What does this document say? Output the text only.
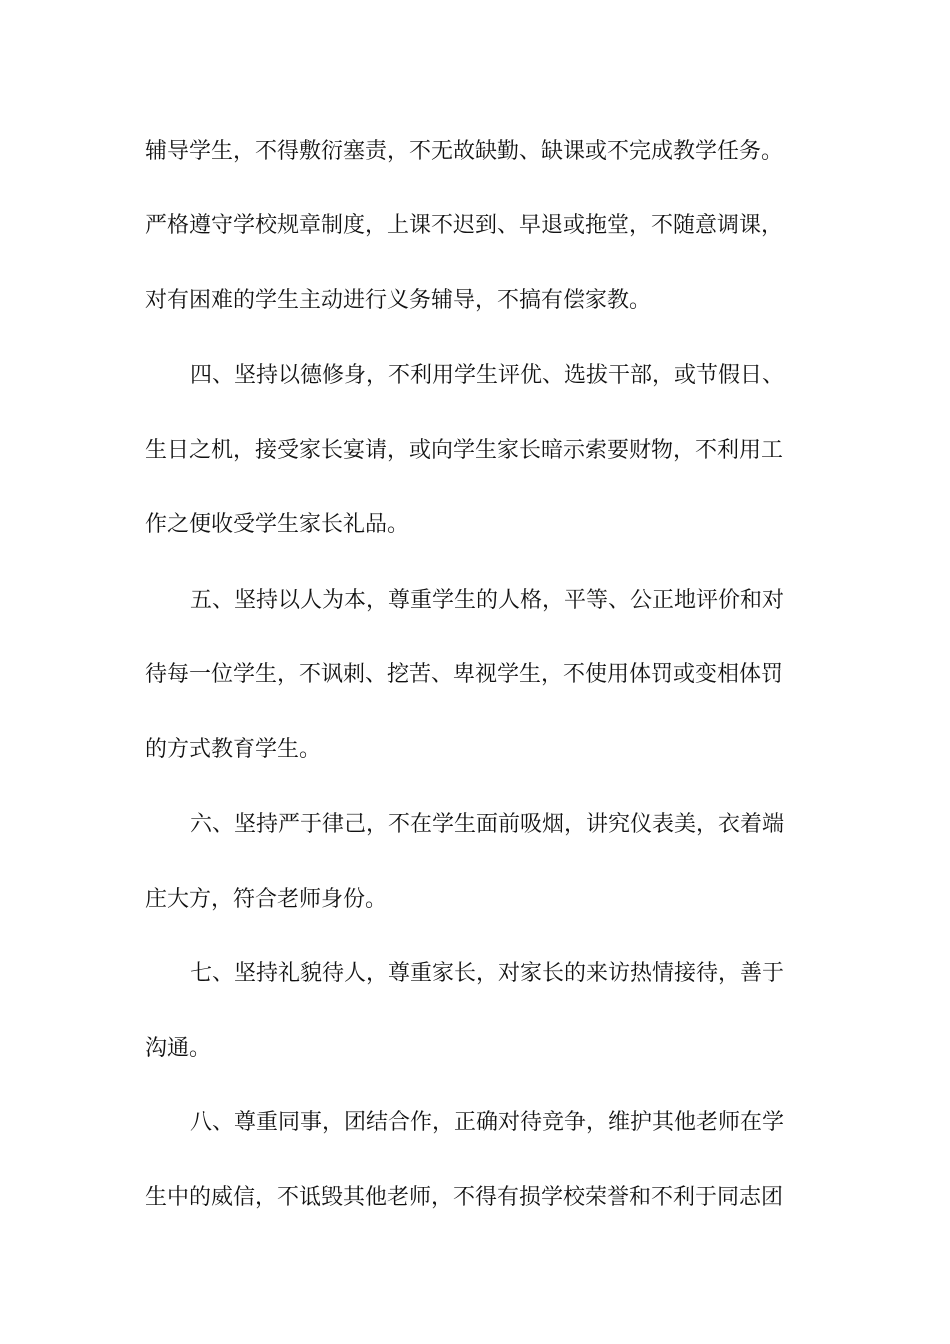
辅导学生，不得敷衍塞责，不无故缺勤、缺课或不完成教学任务。
严格遵守学校规章制度，上课不迟到、早退或拖堂，不随意调课，
对有困难的学生主动进行义务辅导，不搞有偿家教。
四、坚持以德修身，不利用学生评优、选拔干部，或节假日、
生日之机，接受家长宴请，或向学生家长暗示索要财物，不利用工
作之便收受学生家长礼品。
五、坚持以人为本，尊重学生的人格，平等、公正地评价和对
待每一位学生，不讽刺、挖苦、卑视学生，不使用体罚或变相体罚
的方式教育学生。
六、坚持严于律己，不在学生面前吸烟，讲究仪表美，衣着端
庄大方，符合老师身份。
七、坚持礼貌待人，尊重家长，对家长的来访热情接待，善于
沟通。
八、尊重同事，团结合作，正确对待竞争，维护其他老师在学
生中的威信，不诋毁其他老师，不得有损学校荣誉和不利于同志团
